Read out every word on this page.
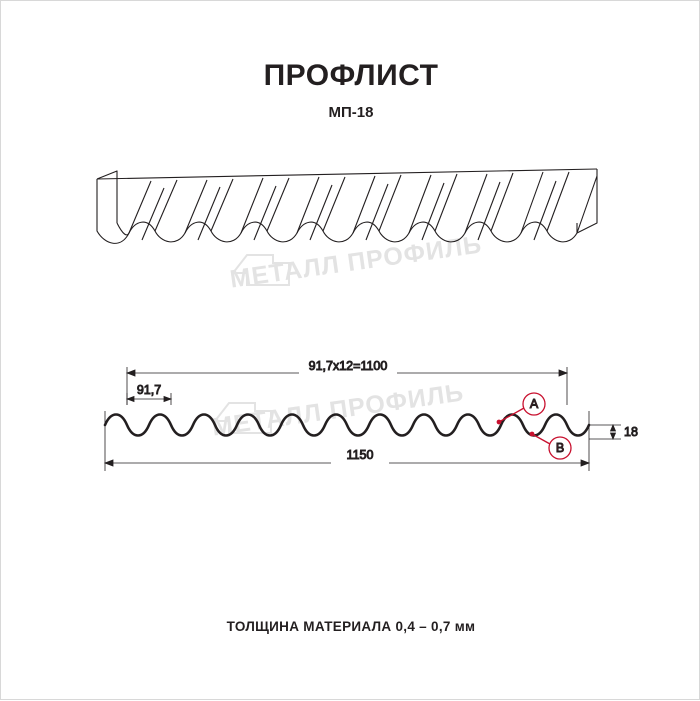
ПРОФЛИСТ
МП-18
МЕТАЛЛ ПРОФИЛЬ
МЕТАЛЛ ПРОФИЛЬ
91,7х12=1100
91,7
1150
18
A
B
ТОЛЩИНА МАТЕРИАЛА 0,4 – 0,7 мм
